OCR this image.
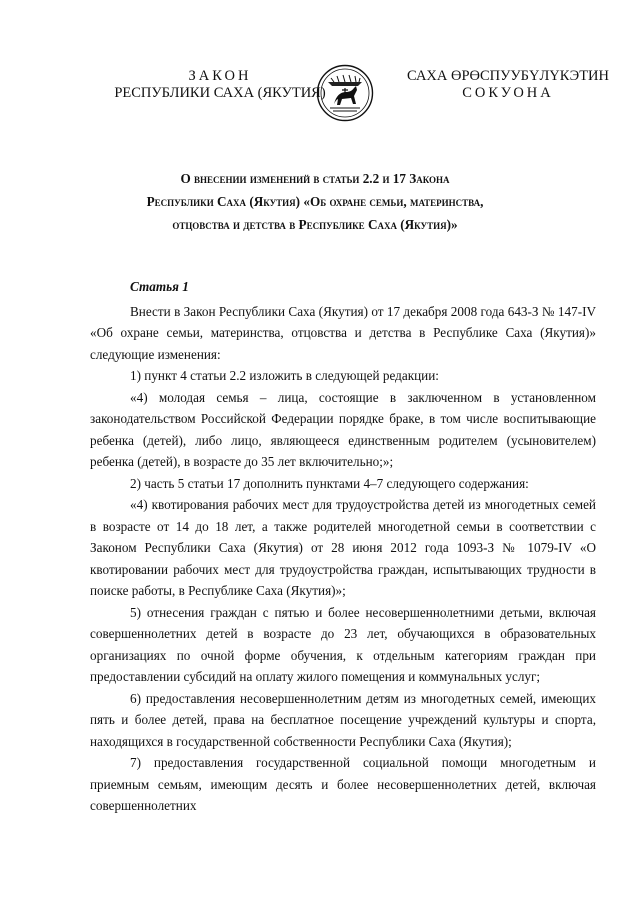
ЗАКОН
РЕСПУБЛИКИ САХА (ЯКУТИЯ)
САХА ӨРӨСПУУБҮЛҮКЭТИН
СОКУОНА
О внесении изменений в статьи 2.2 и 17 Закона
Республики Саха (Якутия) «Об охране семьи, материнства,
отцовства и детства в Республике Саха (Якутия)»

Статья 1

Внести в Закон Республики Саха (Якутия) от 17 декабря 2008 года 643-З № 147-IV «Об охране семьи, материнства, отцовства и детства в Республике Саха (Якутия)» следующие изменения:

1) пункт 4 статьи 2.2 изложить в следующей редакции:

«4) молодая семья – лица, состоящие в заключенном в установленном законодательством Российской Федерации порядке браке, в том числе воспитывающие ребенка (детей), либо лицо, являющееся единственным родителем (усыновителем) ребенка (детей), в возрасте до 35 лет включительно;»;

2) часть 5 статьи 17 дополнить пунктами 4–7 следующего содержания:

«4) квотирования рабочих мест для трудоустройства детей из многодетных семей в возрасте от 14 до 18 лет, а также родителей многодетной семьи в соответствии с Законом Республики Саха (Якутия) от 28 июня 2012 года 1093-З № 1079-IV «О квотировании рабочих мест для трудоустройства граждан, испытывающих трудности в поиске работы, в Республике Саха (Якутия)»;

5) отнесения граждан с пятью и более несовершеннолетними детьми, включая совершеннолетних детей в возрасте до 23 лет, обучающихся в образовательных организациях по очной форме обучения, к отдельным категориям граждан при предоставлении субсидий на оплату жилого помещения и коммунальных услуг;

6) предоставления несовершеннолетним детям из многодетных семей, имеющих пять и более детей, права на бесплатное посещение учреждений культуры и спорта, находящихся в государственной собственности Республики Саха (Якутия);

7) предоставления государственной социальной помощи многодетным и приемным семьям, имеющим десять и более несовершеннолетних детей, включая совершеннолетних
